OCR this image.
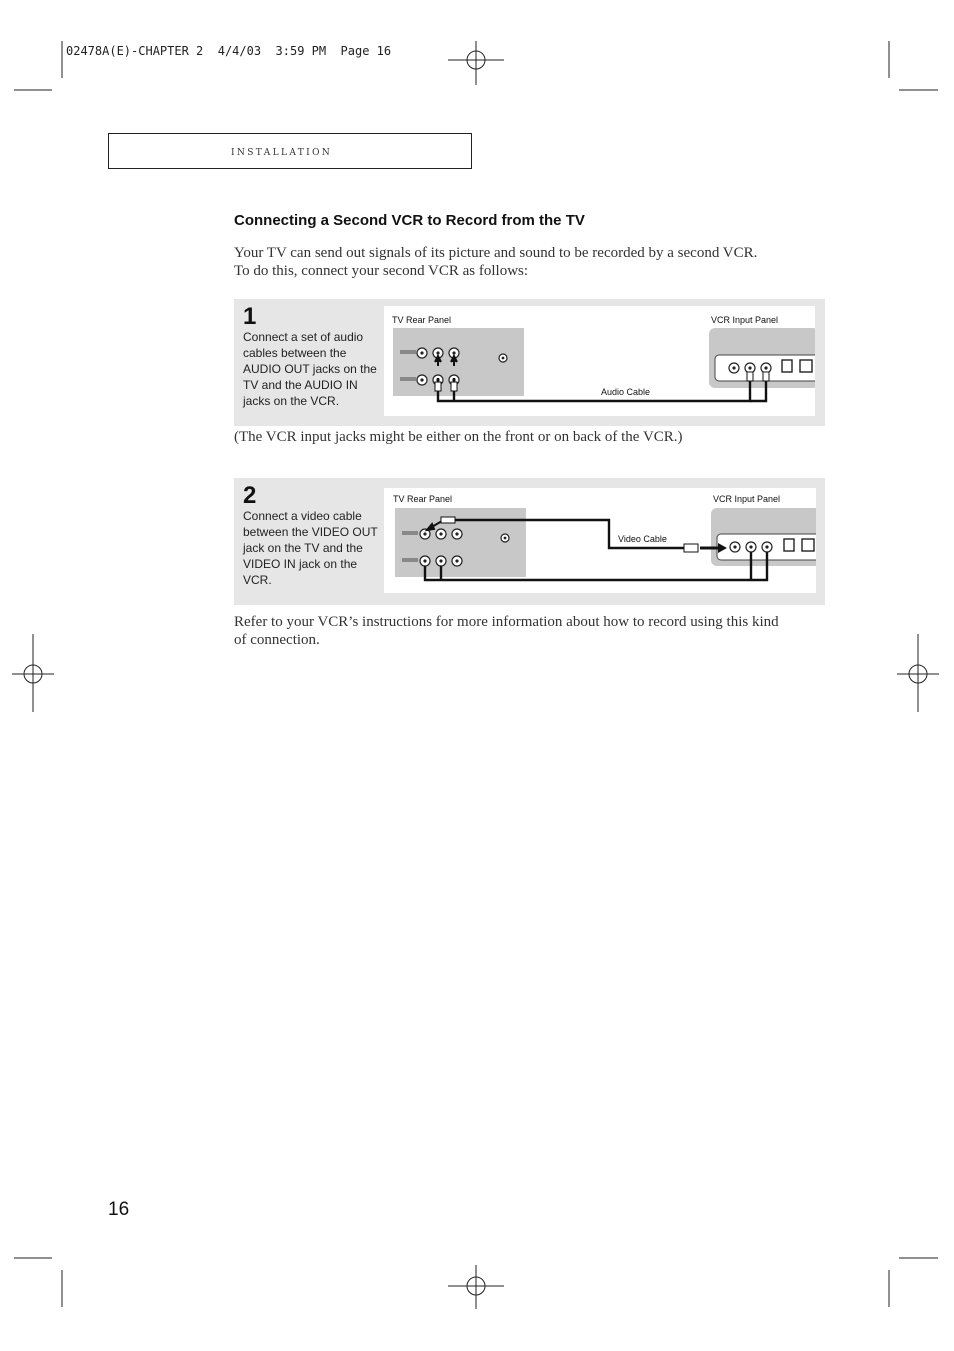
02478A(E)-CHAPTER 2  4/4/03  3:59 PM  Page 16
installation
Connecting a Second VCR to Record from the TV
Your TV can send out signals of its picture and sound to be recorded by a second VCR.
To do this, connect your second VCR as follows:
1
Connect a set of audio
cables between the
AUDIO OUT jacks on the
TV and the AUDIO IN
jacks on the VCR.
TV Rear Panel	VCR Input Panel
Audio Cable
(The VCR input jacks might be either on the front or on back of the VCR.)
2
Connect a video cable
between the VIDEO OUT
jack on the TV and the
VIDEO IN jack on the VCR.
TV Rear Panel	VCR Input Panel
Video Cable
Refer to your VCR’s instructions for more information about how to record using this kind
of connection.
16
